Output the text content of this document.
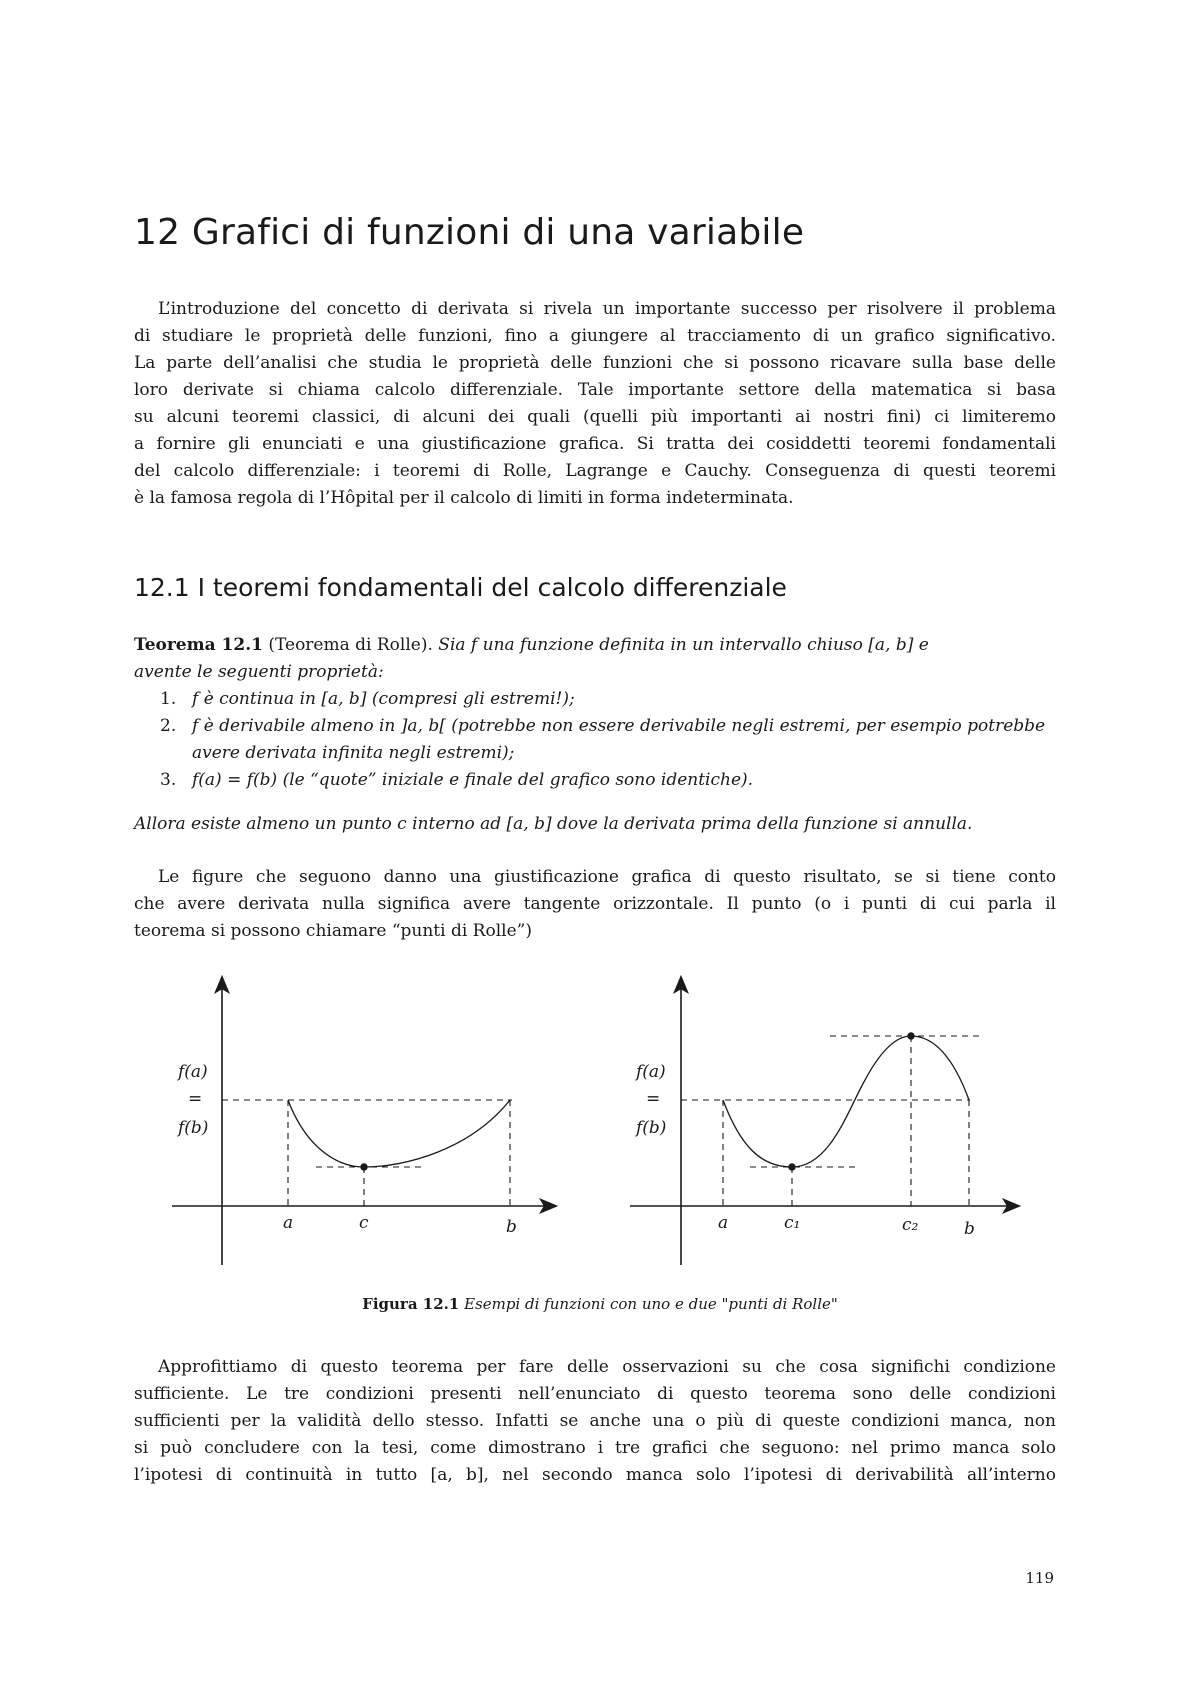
12 Grafici di funzioni di una variabile
L’introduzione del concetto di derivata si rivela un importante successo per risolvere il problema
di studiare le proprietà delle funzioni, fino a giungere al tracciamento di un grafico significativo.
La parte dell’analisi che studia le proprietà delle funzioni che si possono ricavare sulla base delle
loro derivate si chiama calcolo differenziale. Tale importante settore della matematica si basa
su alcuni teoremi classici, di alcuni dei quali (quelli più importanti ai nostri fini) ci limiteremo
a fornire gli enunciati e una giustificazione grafica. Si tratta dei cosiddetti teoremi fondamentali
del calcolo differenziale: i teoremi di Rolle, Lagrange e Cauchy. Conseguenza di questi teoremi
è la famosa regola di l’Hôpital per il calcolo di limiti in forma indeterminata.
12.1 I teoremi fondamentali del calcolo differenziale
Teorema 12.1 (Teorema di Rolle). Sia f una funzione definita in un intervallo chiuso [a, b] e
avente le seguenti proprietà:
1. f è continua in [a, b] (compresi gli estremi!);
2. f è derivabile almeno in ]a, b[ (potrebbe non essere derivabile negli estremi, per esempio potrebbe avere derivata infinita negli estremi);
3. f(a) = f(b) (le “quote” iniziale e finale del grafico sono identiche).
Allora esiste almeno un punto c interno ad [a, b] dove la derivata prima della funzione si annulla.
Le figure che seguono danno una giustificazione grafica di questo risultato, se si tiene conto
che avere derivata nulla significa avere tangente orizzontale. Il punto (o i punti di cui parla il
teorema si possono chiamare “punti di Rolle”)
f(a)
=
f(b)
a	c	b
f(a)
=
f(b)
a	c₁	c₂	b
Figura 12.1 Esempi di funzioni con uno e due "punti di Rolle"
Approfittiamo di questo teorema per fare delle osservazioni su che cosa significhi condizione
sufficiente. Le tre condizioni presenti nell’enunciato di questo teorema sono delle condizioni
sufficienti per la validità dello stesso. Infatti se anche una o più di queste condizioni manca, non
si può concludere con la tesi, come dimostrano i tre grafici che seguono: nel primo manca solo
l’ipotesi di continuità in tutto [a, b], nel secondo manca solo l’ipotesi di derivabilità all’interno
119
